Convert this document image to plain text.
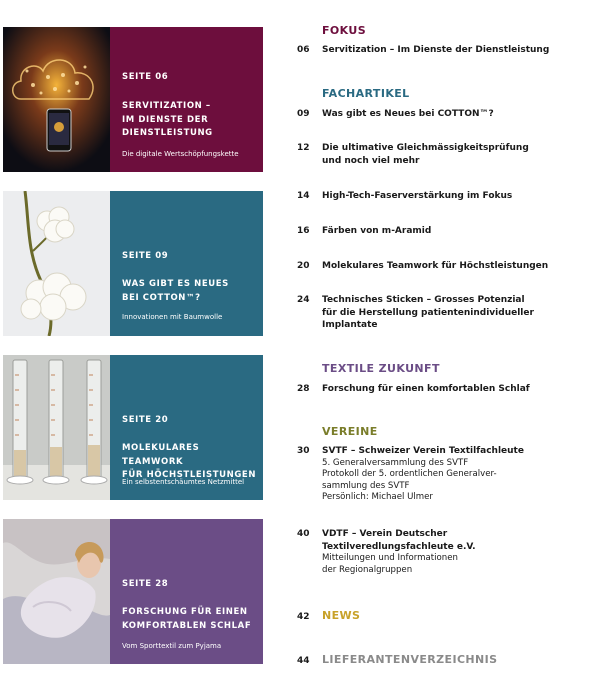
SEITE 06
SERVITIZATION –
IM DIENSTE DER
DIENSTLEISTUNG
Die digitale Wertschöpfungskette
SEITE 09
WAS GIBT ES NEUES
BEI COTTON™?
Innovationen mit Baumwolle
SEITE 20
MOLEKULARES TEAMWORK
FÜR HÖCHSTLEISTUNGEN
Ein selbstentschäumtes Netzmittel
SEITE 28
FORSCHUNG FÜR EINEN
KOMFORTABLEN SCHLAF
Vom Sporttextil zum Pyjama
FOKUS
06 Servitization – Im Dienste der Dienstleistung
FACHARTIKEL
09 Was gibt es Neues bei COTTON™?
12 Die ultimative Gleichmässigkeitsprüfung
und noch viel mehr
14 High-Tech-Faserverstärkung im Fokus
16 Färben von m-Aramid
20 Molekulares Teamwork für Höchstleistungen
24 Technisches Sticken – Grosses Potenzial
für die Herstellung patientenindividueller
Implantate
TEXTILE ZUKUNFT
28 Forschung für einen komfortablen Schlaf
VEREINE
30 SVTF – Schweizer Verein Textilfachleute
5. Generalversammlung des SVTF
Protokoll der 5. ordentlichen Generalver-
sammlung des SVTF
Persönlich: Michael Ulmer
40 VDTF – Verein Deutscher
Textilveredlungsfachleute e.V.
Mitteilungen und Informationen
der Regionalgruppen
42 NEWS
44 LIEFERANTENVERZEICHNIS
